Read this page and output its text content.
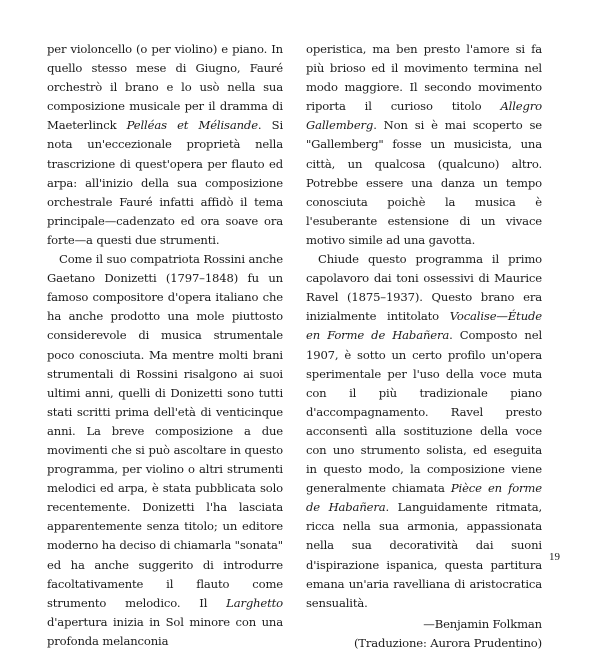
per violoncello (o per violino) e piano. In quello stesso mese di Giugno, Fauré orchestrò il brano e lo usò nella sua composizione musicale per il dramma di Maeterlinck Pelléas et Mélisande. Si nota un'eccezionale proprietà nella trascrizione di quest'opera per flauto ed arpa: all'inizio della sua composizione orchestrale Fauré infatti affidò il tema principale—cadenzato ed ora soave ora forte—a questi due strumenti.

Come il suo compatriota Rossini anche Gaetano Donizetti (1797–1848) fu un famoso compositore d'opera italiano che ha anche prodotto una mole piuttosto considerevole di musica strumentale poco conosciuta. Ma mentre molti brani strumentali di Rossini risalgono ai suoi ultimi anni, quelli di Donizetti sono tutti stati scritti prima dell'età di venticinque anni. La breve composizione a due movimenti che si può ascoltare in questo programma, per violino o altri strumenti melodici ed arpa, è stata pubblicata solo recentemente. Donizetti l'ha lasciata apparentemente senza titolo; un editore moderno ha deciso di chiamarla "sonata" ed ha anche suggerito di introdurre facoltativamente il flauto come strumento melodico. Il Larghetto d'apertura inizia in Sol minore con una profonda melanconia

operistica, ma ben presto l'amore si fa più brioso ed il movimento termina nel modo maggiore. Il secondo movimento riporta il curioso titolo Allegro Gallemberg. Non si è mai scoperto se "Gallemberg" fosse un musicista, una città, un qualcosa (qualcuno) altro. Potrebbe essere una danza un tempo conosciuta poichè la musica è l'esuberante estensione di un vivace motivo simile ad una gavotta.

Chiude questo programma il primo capolavoro dai toni ossessivi di Maurice Ravel (1875–1937). Questo brano era inizialmente intitolato Vocalise—Étude en Forme de Habañera. Composto nel 1907, è sotto un certo profilo un'opera sperimentale per l'uso della voce muta con il più tradizionale piano d'accompagnamento. Ravel presto acconsentì alla sostituzione della voce con uno strumento solista, ed eseguita in questo modo, la composizione viene generalmente chiamata Pièce en forme de Habañera. Languidamente ritmata, ricca nella sua armonia, appassionata nella sua decoratività dai suoni d'ispirazione ispanica, questa partitura emana un'aria ravelliana di aristocratica sensualità.

—Benjamin Folkman
(Traduzione: Aurora Prudentino)
19
